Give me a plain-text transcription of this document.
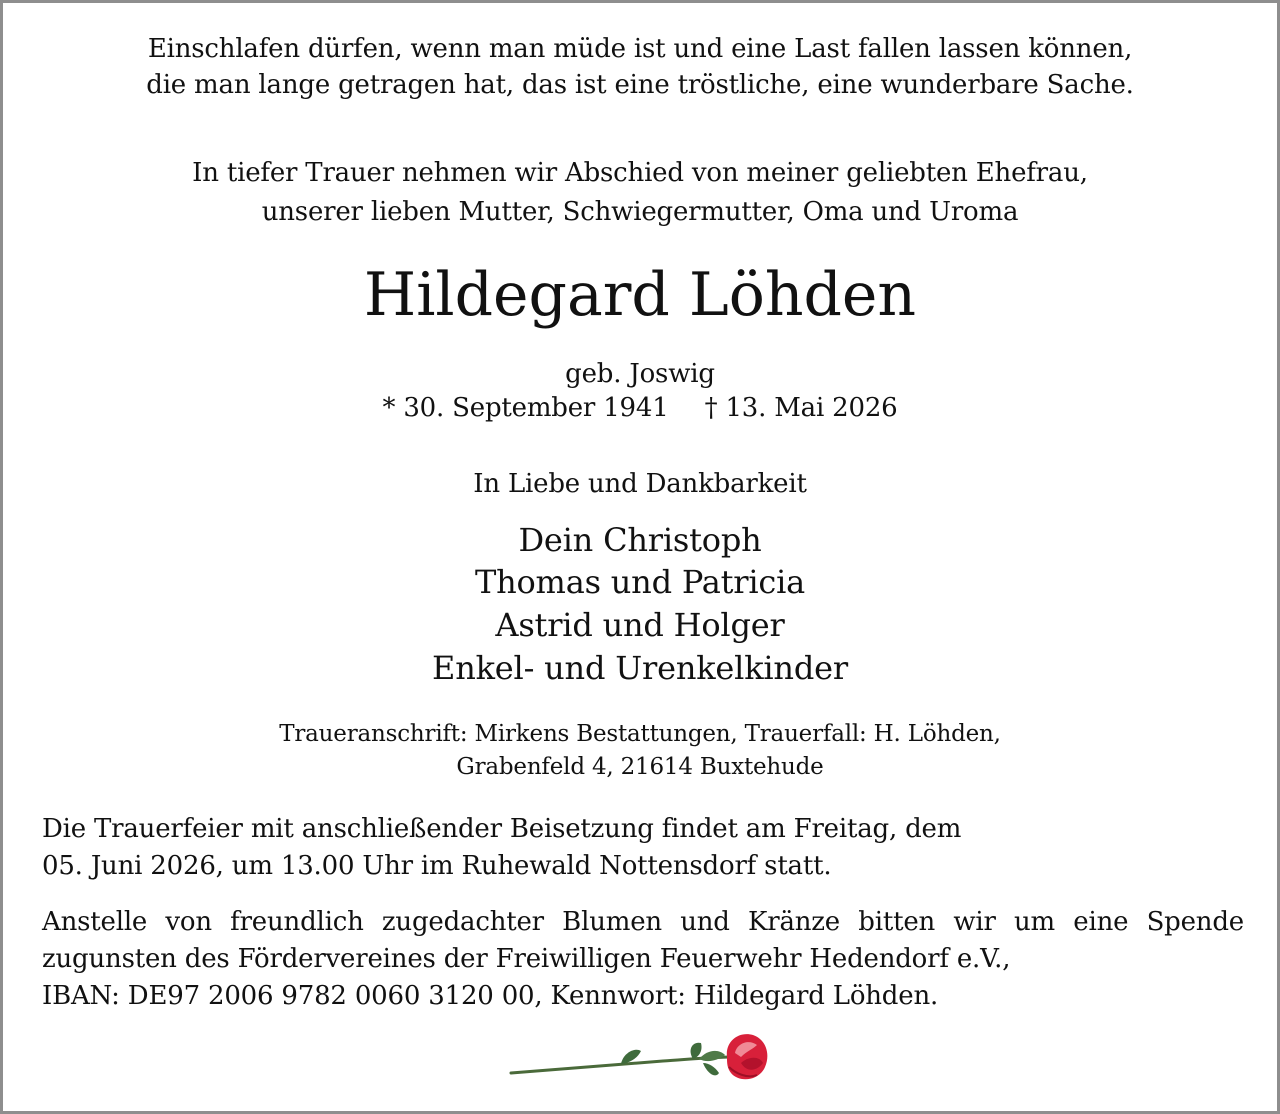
Einschlafen dürfen, wenn man müde ist und eine Last fallen lassen können,
die man lange getragen hat, das ist eine tröstliche, eine wunderbare Sache.
In tiefer Trauer nehmen wir Abschied von meiner geliebten Ehefrau,
unserer lieben Mutter, Schwiegermutter, Oma und Uroma
Hildegard Löhden
geb. Joswig
* 30. September 1941 † 13. Mai 2026
In Liebe und Dankbarkeit
Dein Christoph
Thomas und Patricia
Astrid und Holger
Enkel- und Urenkelkinder
Traueranschrift: Mirkens Bestattungen, Trauerfall: H. Löhden,
Grabenfeld 4, 21614 Buxtehude
Die Trauerfeier mit anschließender Beisetzung findet am Freitag, dem
05. Juni 2026, um 13.00 Uhr im Ruhewald Nottensdorf statt.
Anstelle von freundlich zugedachter Blumen und Kränze bitten wir um eine Spende zugunsten des Fördervereines der Freiwilligen Feuerwehr Hedendorf e.V.,
IBAN: DE97 2006 9782 0060 3120 00, Kennwort: Hildegard Löhden.
